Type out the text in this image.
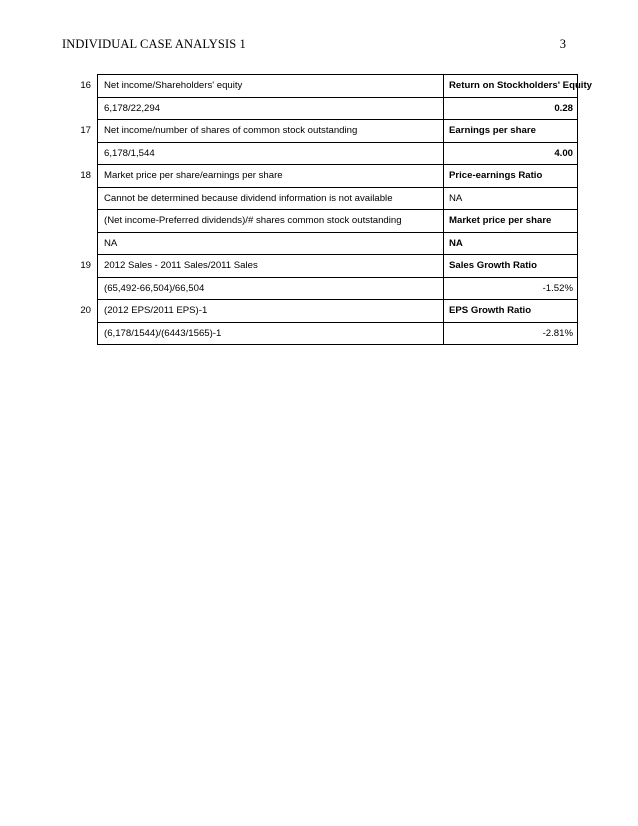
INDIVIDUAL CASE ANALYSIS 1	3
16	Net income/Shareholders' equity	Return on Stockholders' Equity
	6,178/22,294	0.28
17	Net income/number of shares of common stock outstanding	Earnings per share
	6,178/1,544	4.00
18	Market price per share/earnings per share	Price-earnings Ratio
	Cannot be determined because dividend information is not available	NA
	(Net income-Preferred dividends)/# shares common stock outstanding	Market price per share
	NA	NA
19	2012 Sales - 2011 Sales/2011 Sales	Sales Growth Ratio
	(65,492-66,504)/66,504	-1.52%
20	(2012 EPS/2011 EPS)-1	EPS Growth Ratio
	(6,178/1544)/(6443/1565)-1	-2.81%
